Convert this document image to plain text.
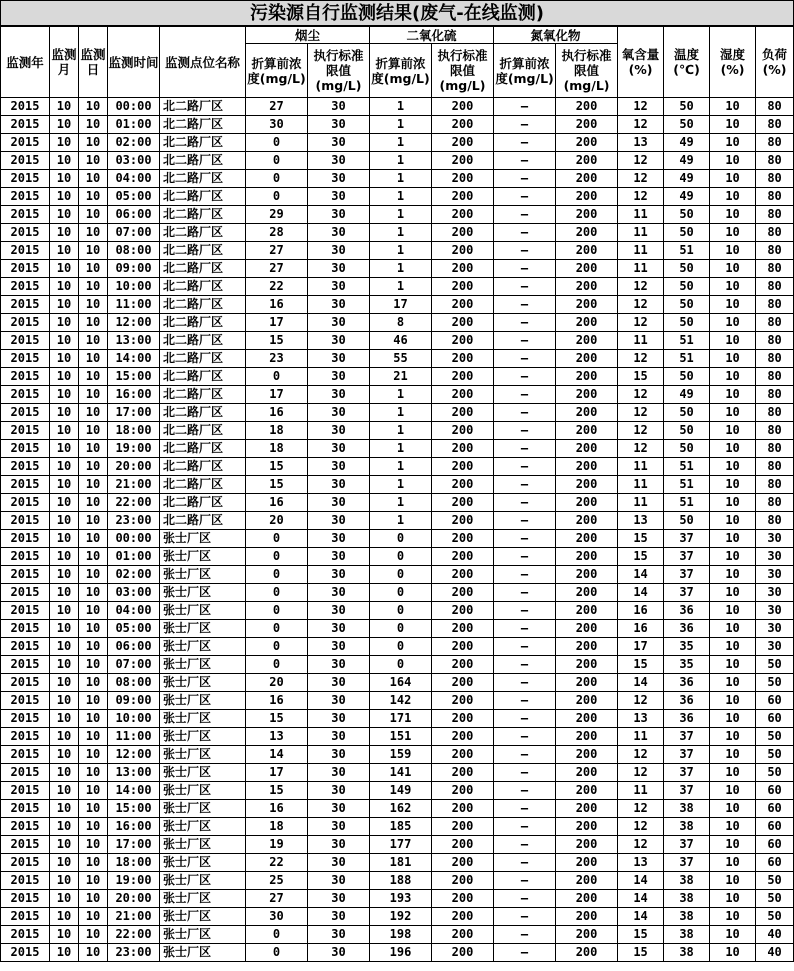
污染源自行监测结果(废气-在线监测)
监测年	监测月	监测日	监测时间	监测点位名称	烟尘		二氧化硫		氮氧化物		氧含量(%)	温度(℃)	湿度(%)	负荷(%)
					折算前浓度(mg/L)	执行标准限值(mg/L)	折算前浓度(mg/L)	执行标准限值(mg/L)	折算前浓度(mg/L)	执行标准限值(mg/L)				
2015	10	10	00:00	北二路厂区	27	30	1	200	—	200	12	50	10	80
2015	10	10	01:00	北二路厂区	30	30	1	200	—	200	12	50	10	80
2015	10	10	02:00	北二路厂区	0	30	1	200	—	200	13	49	10	80
2015	10	10	03:00	北二路厂区	0	30	1	200	—	200	12	49	10	80
2015	10	10	04:00	北二路厂区	0	30	1	200	—	200	12	49	10	80
2015	10	10	05:00	北二路厂区	0	30	1	200	—	200	12	49	10	80
2015	10	10	06:00	北二路厂区	29	30	1	200	—	200	11	50	10	80
2015	10	10	07:00	北二路厂区	28	30	1	200	—	200	11	50	10	80
2015	10	10	08:00	北二路厂区	27	30	1	200	—	200	11	51	10	80
2015	10	10	09:00	北二路厂区	27	30	1	200	—	200	11	50	10	80
2015	10	10	10:00	北二路厂区	22	30	1	200	—	200	12	50	10	80
2015	10	10	11:00	北二路厂区	16	30	17	200	—	200	12	50	10	80
2015	10	10	12:00	北二路厂区	17	30	8	200	—	200	12	50	10	80
2015	10	10	13:00	北二路厂区	15	30	46	200	—	200	11	51	10	80
2015	10	10	14:00	北二路厂区	23	30	55	200	—	200	12	51	10	80
2015	10	10	15:00	北二路厂区	0	30	21	200	—	200	15	50	10	80
2015	10	10	16:00	北二路厂区	17	30	1	200	—	200	12	49	10	80
2015	10	10	17:00	北二路厂区	16	30	1	200	—	200	12	50	10	80
2015	10	10	18:00	北二路厂区	18	30	1	200	—	200	12	50	10	80
2015	10	10	19:00	北二路厂区	18	30	1	200	—	200	12	50	10	80
2015	10	10	20:00	北二路厂区	15	30	1	200	—	200	11	51	10	80
2015	10	10	21:00	北二路厂区	15	30	1	200	—	200	11	51	10	80
2015	10	10	22:00	北二路厂区	16	30	1	200	—	200	11	51	10	80
2015	10	10	23:00	北二路厂区	20	30	1	200	—	200	13	50	10	80
2015	10	10	00:00	张士厂区	0	30	0	200	—	200	15	37	10	30
2015	10	10	01:00	张士厂区	0	30	0	200	—	200	15	37	10	30
2015	10	10	02:00	张士厂区	0	30	0	200	—	200	14	37	10	30
2015	10	10	03:00	张士厂区	0	30	0	200	—	200	14	37	10	30
2015	10	10	04:00	张士厂区	0	30	0	200	—	200	16	36	10	30
2015	10	10	05:00	张士厂区	0	30	0	200	—	200	16	36	10	30
2015	10	10	06:00	张士厂区	0	30	0	200	—	200	17	35	10	30
2015	10	10	07:00	张士厂区	0	30	0	200	—	200	15	35	10	50
2015	10	10	08:00	张士厂区	20	30	164	200	—	200	14	36	10	50
2015	10	10	09:00	张士厂区	16	30	142	200	—	200	12	36	10	60
2015	10	10	10:00	张士厂区	15	30	171	200	—	200	13	36	10	60
2015	10	10	11:00	张士厂区	13	30	151	200	—	200	11	37	10	50
2015	10	10	12:00	张士厂区	14	30	159	200	—	200	12	37	10	50
2015	10	10	13:00	张士厂区	17	30	141	200	—	200	12	37	10	50
2015	10	10	14:00	张士厂区	15	30	149	200	—	200	11	37	10	60
2015	10	10	15:00	张士厂区	16	30	162	200	—	200	12	38	10	60
2015	10	10	16:00	张士厂区	18	30	185	200	—	200	12	38	10	60
2015	10	10	17:00	张士厂区	19	30	177	200	—	200	12	37	10	60
2015	10	10	18:00	张士厂区	22	30	181	200	—	200	13	37	10	60
2015	10	10	19:00	张士厂区	25	30	188	200	—	200	14	38	10	50
2015	10	10	20:00	张士厂区	27	30	193	200	—	200	14	38	10	50
2015	10	10	21:00	张士厂区	30	30	192	200	—	200	14	38	10	50
2015	10	10	22:00	张士厂区	0	30	198	200	—	200	15	38	10	40
2015	10	10	23:00	张士厂区	0	30	196	200	—	200	15	38	10	40
